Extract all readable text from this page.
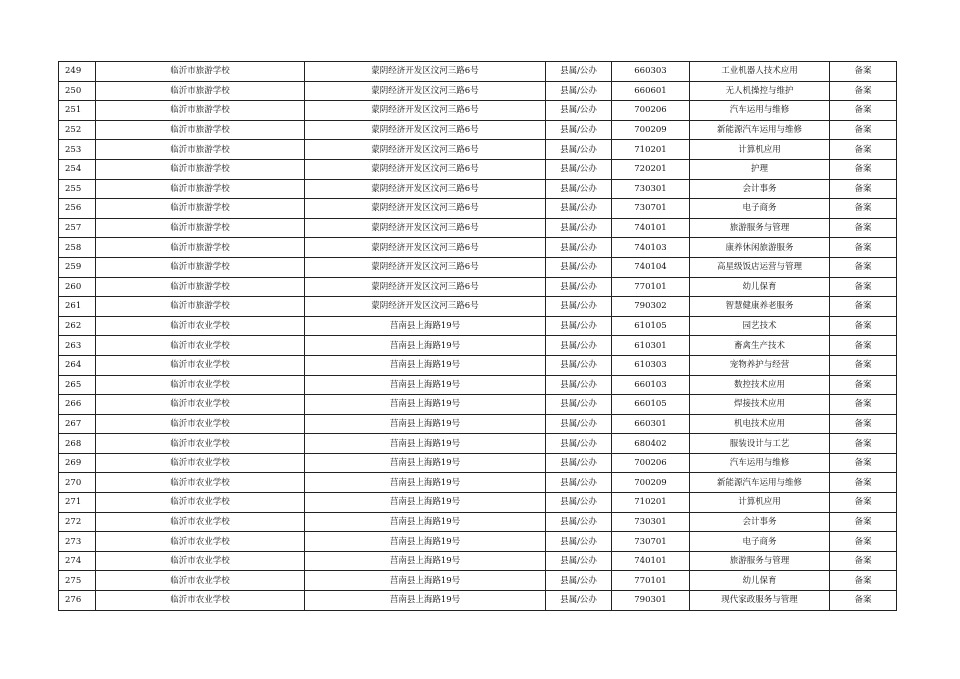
249	临沂市旅游学校	蒙阴经济开发区汶河三路6号	县属/公办	660303	工业机器人技术应用	备案
250	临沂市旅游学校	蒙阴经济开发区汶河三路6号	县属/公办	660601	无人机操控与维护	备案
251	临沂市旅游学校	蒙阴经济开发区汶河三路6号	县属/公办	700206	汽车运用与维修	备案
252	临沂市旅游学校	蒙阴经济开发区汶河三路6号	县属/公办	700209	新能源汽车运用与维修	备案
253	临沂市旅游学校	蒙阴经济开发区汶河三路6号	县属/公办	710201	计算机应用	备案
254	临沂市旅游学校	蒙阴经济开发区汶河三路6号	县属/公办	720201	护理	备案
255	临沂市旅游学校	蒙阴经济开发区汶河三路6号	县属/公办	730301	会计事务	备案
256	临沂市旅游学校	蒙阴经济开发区汶河三路6号	县属/公办	730701	电子商务	备案
257	临沂市旅游学校	蒙阴经济开发区汶河三路6号	县属/公办	740101	旅游服务与管理	备案
258	临沂市旅游学校	蒙阴经济开发区汶河三路6号	县属/公办	740103	康养休闲旅游服务	备案
259	临沂市旅游学校	蒙阴经济开发区汶河三路6号	县属/公办	740104	高星级饭店运营与管理	备案
260	临沂市旅游学校	蒙阴经济开发区汶河三路6号	县属/公办	770101	幼儿保育	备案
261	临沂市旅游学校	蒙阴经济开发区汶河三路6号	县属/公办	790302	智慧健康养老服务	备案
262	临沂市农业学校	莒南县上海路19号	县属/公办	610105	园艺技术	备案
263	临沂市农业学校	莒南县上海路19号	县属/公办	610301	畜禽生产技术	备案
264	临沂市农业学校	莒南县上海路19号	县属/公办	610303	宠物养护与经营	备案
265	临沂市农业学校	莒南县上海路19号	县属/公办	660103	数控技术应用	备案
266	临沂市农业学校	莒南县上海路19号	县属/公办	660105	焊接技术应用	备案
267	临沂市农业学校	莒南县上海路19号	县属/公办	660301	机电技术应用	备案
268	临沂市农业学校	莒南县上海路19号	县属/公办	680402	服装设计与工艺	备案
269	临沂市农业学校	莒南县上海路19号	县属/公办	700206	汽车运用与维修	备案
270	临沂市农业学校	莒南县上海路19号	县属/公办	700209	新能源汽车运用与维修	备案
271	临沂市农业学校	莒南县上海路19号	县属/公办	710201	计算机应用	备案
272	临沂市农业学校	莒南县上海路19号	县属/公办	730301	会计事务	备案
273	临沂市农业学校	莒南县上海路19号	县属/公办	730701	电子商务	备案
274	临沂市农业学校	莒南县上海路19号	县属/公办	740101	旅游服务与管理	备案
275	临沂市农业学校	莒南县上海路19号	县属/公办	770101	幼儿保育	备案
276	临沂市农业学校	莒南县上海路19号	县属/公办	790301	现代家政服务与管理	备案
